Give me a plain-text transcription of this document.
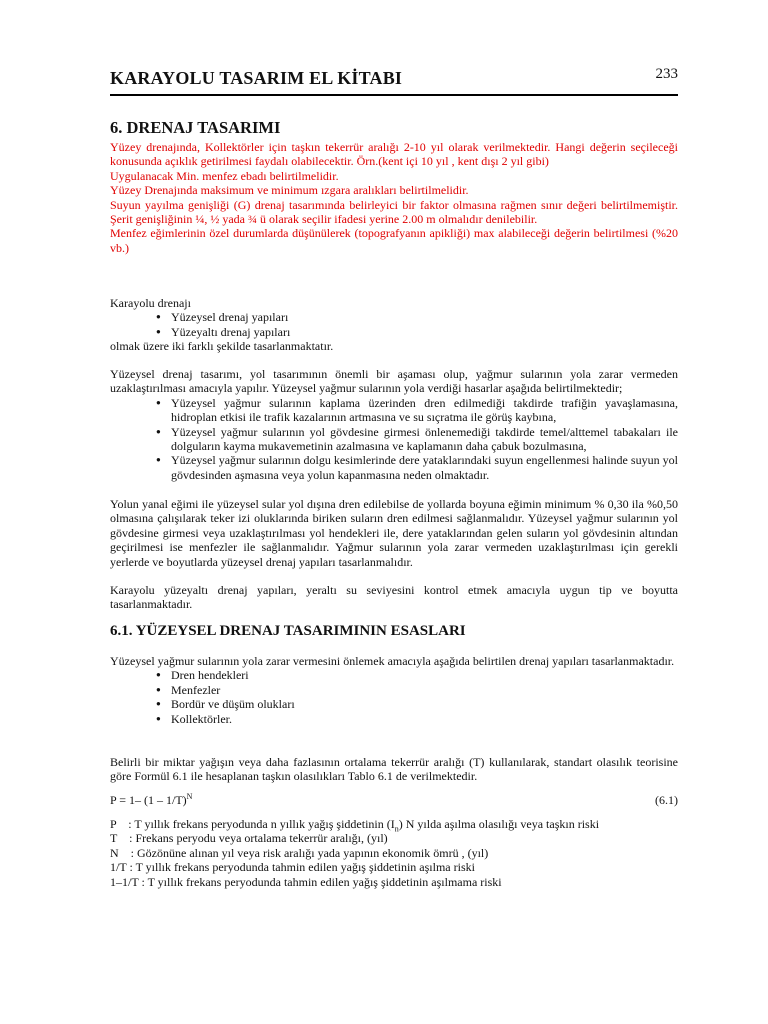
KARAYOLU TASARIM EL KİTABI	233
6. DRENAJ TASARIMI

Yüzey drenajında, Kollektörler için taşkın tekerrür aralığı 2-10 yıl olarak verilmektedir. Hangi değerin seçileceği konusunda açıklık getirilmesi faydalı olabilecektir. Örn.(kent içi 10 yıl , kent dışı 2 yıl gibi)

Uygulanacak Min. menfez ebadı belirtilmelidir.

Yüzey Drenajında maksimum ve minimum ızgara aralıkları belirtilmelidir.

Suyun yayılma genişliği (G) drenaj tasarımında belirleyici bir faktor olmasına rağmen sınır değeri belirtilmemiştir. Şerit genişliğinin ¼, ½ yada ¾ ü olarak seçilir ifadesi yerine 2.00 m olmalıdır denilebilir.

Menfez eğimlerinin özel durumlarda düşünülerek (topografyanın apikliği) max alabileceği değerin belirtilmesi (%20 vb.)

Karayolu drenajı

● Yüzeysel drenaj yapıları
● Yüzeyaltı drenaj yapıları

olmak üzere iki farklı şekilde tasarlanmaktatır.

Yüzeysel drenaj tasarımı, yol tasarımının önemli bir aşaması olup, yağmur sularının yola zarar vermeden uzaklaştırılması amacıyla yapılır. Yüzeysel yağmur sularının yola verdiği hasarlar aşağıda belirtilmektedir;

● Yüzeysel yağmur sularının kaplama üzerinden dren edilmediği takdirde trafiğin yavaşlamasına, hidroplan etkisi ile trafik kazalarının artmasına ve su sıçratma ile görüş kaybına,
● Yüzeysel yağmur sularının yol gövdesine girmesi önlenemediği takdirde temel/alttemel tabakaları ile dolguların kayma mukavemetinin azalmasına ve kaplamanın daha çabuk bozulmasına,
● Yüzeysel yağmur sularının dolgu kesimlerinde dere yataklarındaki suyun engellenmesi halinde suyun yol gövdesinden aşmasına veya yolun kapanmasına neden olmaktadır.
Yolun yanal eğimi ile yüzeysel sular yol dışına dren edilebilse de yollarda boyuna eğimin minimum % 0,30 ila %0,50 olmasına çalışılarak teker izi oluklarında biriken suların dren edilmesi sağlanmalıdır. Yüzeysel yağmur sularının yol gövdesine girmesi veya uzaklaştırılması yol hendekleri ile, dere yataklarından gelen suların yol gövdesinin altından geçirilmesi ise menfezler ile sağlanmalıdır. Yağmur sularının yola zarar vermeden uzaklaştırılması için gerekli yerlerde ve boyutlarda yüzeysel drenaj yapıları tasarlanmalıdır.
Karayolu yüzeyaltı drenaj yapıları, yeraltı su seviyesini kontrol etmek amacıyla uygun tip ve boyutta tasarlanmaktadır.
6.1. YÜZEYSEL DRENAJ TASARIMININ ESASLARI

Yüzeysel yağmur sularının yola zarar vermesini önlemek amacıyla aşağıda belirtilen drenaj yapıları tasarlanmaktadır.

● Dren hendekleri
● Menfezler
● Bordür ve düşüm olukları
● Kollektörler.
Belirli bir miktar yağışın veya daha fazlasının ortalama tekerrür aralığı (T) kullanılarak, standart olasılık teorisine göre Formül 6.1 ile hesaplanan taşkın olasılıkları Tablo 6.1 de verilmektedir.
P = 1– (1 – 1/T)$^N$	(6.1)

P    : T yıllık frekans peryodunda n yıllık yağış şiddetinin $(I_n)$ N yılda aşılma olasılığı veya taşkın riski

T    : Frekans peryodu veya ortalama tekerrür aralığı, (yıl)

N    : Gözönüne alınan yıl veya risk aralığı yada yapının ekonomik ömrü , (yıl)

1/T : T yıllık frekans peryodunda tahmin edilen yağış şiddetinin aşılma riski

1–1/T : T yıllık frekans peryodunda tahmin edilen yağış şiddetinin aşılmama riski
